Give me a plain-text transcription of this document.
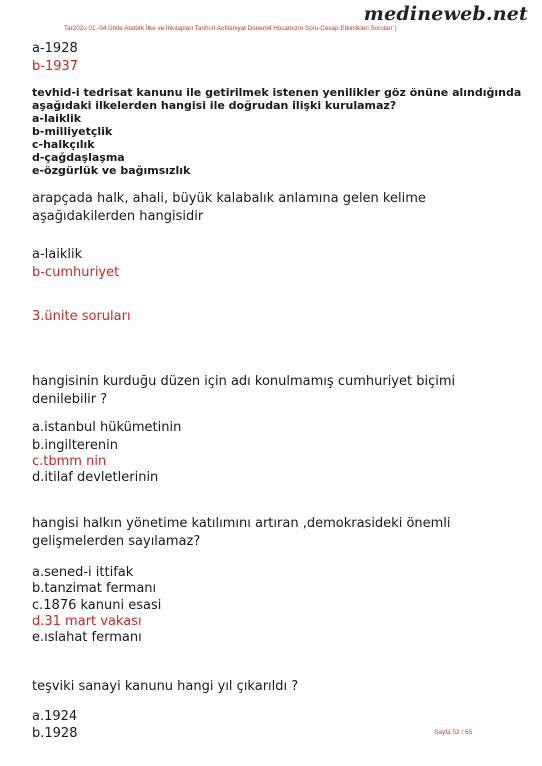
medineweb.net
Tar202u 01.-04.Ünite Atatürk İlke ve İnkılapları Tarihi-II Aofilahiyat Donem4 Hocamızın Soru-Cevap Etkinlikleri Soruları`)
a-1928
b-1937
tevhid-i tedrisat kanunu ile getirilmek istenen yenilikler göz önüne alındığında
aşağıdaki ilkelerden hangisi ile doğrudan ilişki kurulamaz?
a-laiklik
b-milliyetçlik
c-halkçılık
d-çağdaşlaşma
e-özgürlük ve bağımsızlık
arapçada halk, ahali, büyük kalabalık anlamına gelen kelime
aşağıdakilerden hangisidir
a-laiklik
b-cumhuriyet
3.ünite soruları
hangisinin kurduğu düzen için adı konulmamış cumhuriyet biçimi
denilebilir ?
a.istanbul hükümetinin
b.ingilterenin
c.tbmm nin
d.itilaf devletlerinin
hangisi halkın yönetime katılımını artıran ,demokrasideki önemli
gelişmelerden sayılamaz?
a.sened-i ittifak
b.tanzimat fermanı
c.1876 kanuni esasi
d.31 mart vakası
e.ıslahat fermanı
teşviki sanayi kanunu hangi yıl çıkarıldı ?
a.1924
b.1928	Sayfa 52 / 65
